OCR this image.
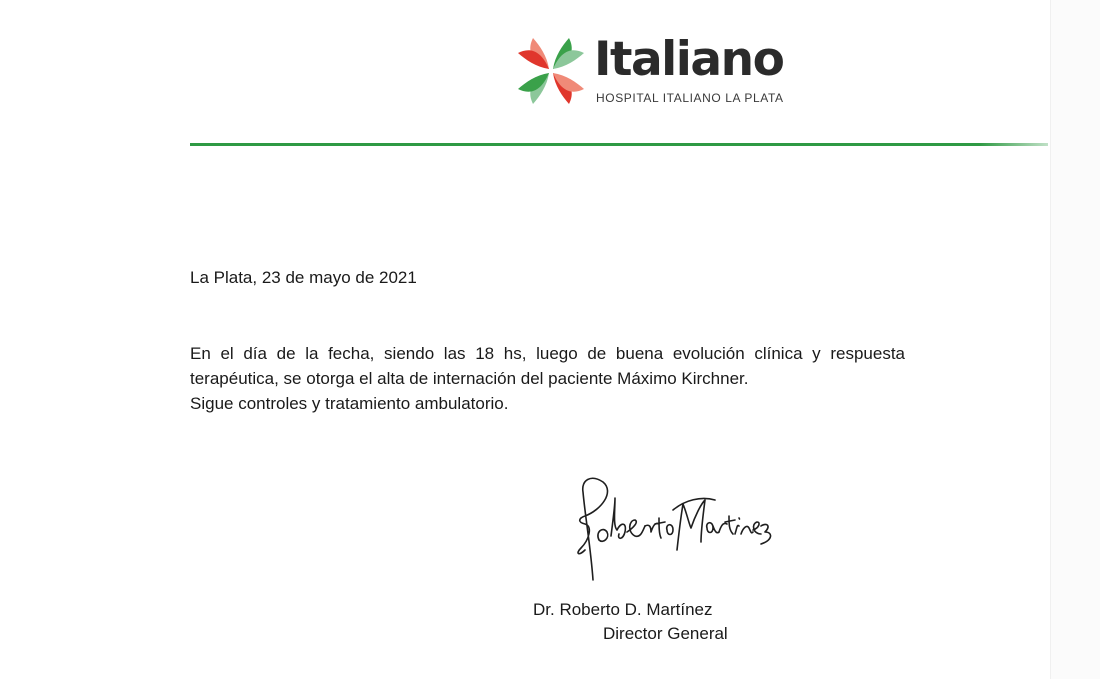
Italiano
HOSPITAL ITALIANO LA PLATA
La Plata, 23 de mayo de 2021

En el día de la fecha, siendo las 18 hs, luego de buena evolución clínica y respuesta terapéutica, se otorga el alta de internación del paciente Máximo Kirchner.

Sigue controles y tratamiento ambulatorio.

Dr. Roberto D. Martínez
Director General
